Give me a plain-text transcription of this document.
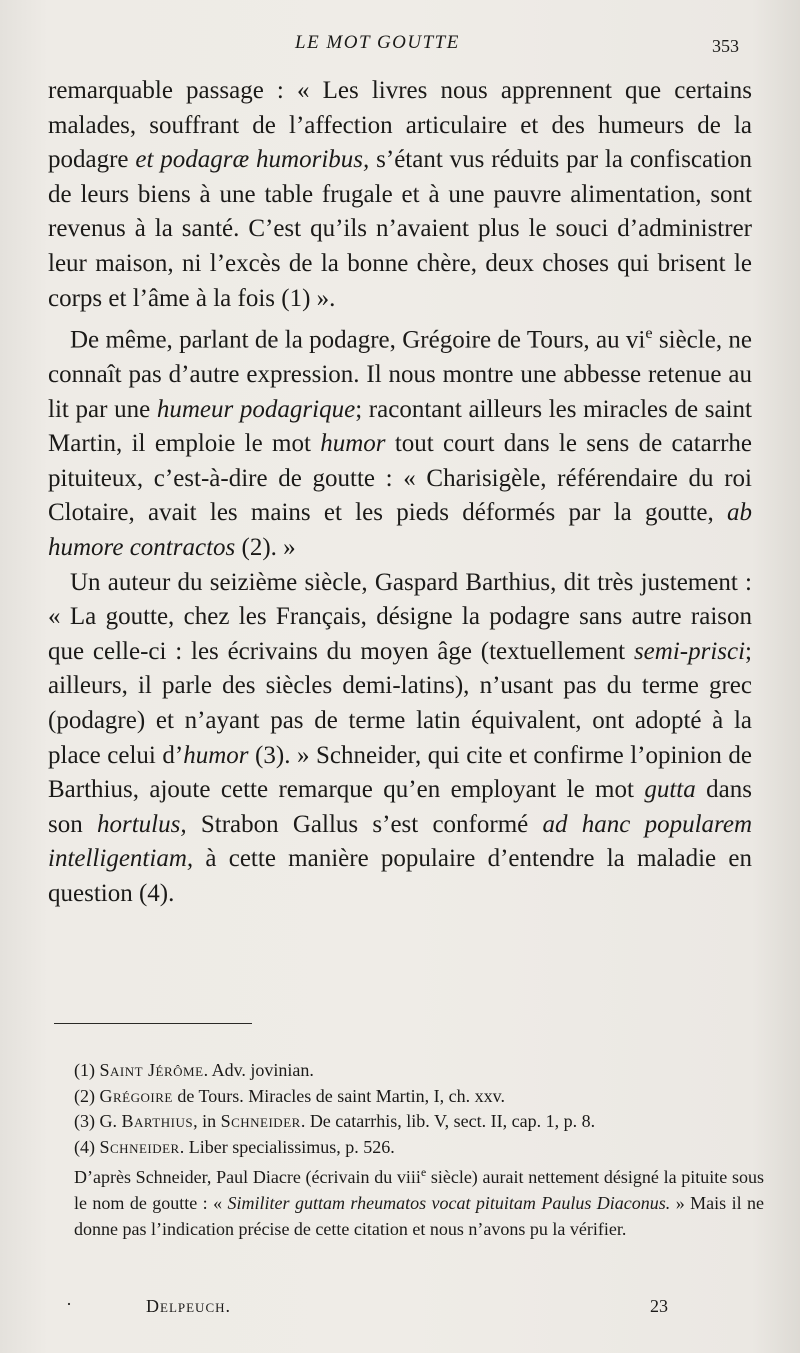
LE MOT GOUTTE	353

remarquable passage : « Les livres nous apprennent que certains malades, souffrant de l’affection articulaire et des humeurs de la podagre et podagræ humoribus, s’étant vus réduits par la confiscation de leurs biens à une table frugale et à une pauvre alimentation, sont revenus à la santé. C’est qu’ils n’avaient plus le souci d’administrer leur maison, ni l’excès de la bonne chère, deux choses qui brisent le corps et l’âme à la fois (1) ».

De même, parlant de la podagre, Grégoire de Tours, au $vi^e$ siècle, ne connaît pas d’autre expression. Il nous montre une abbesse retenue au lit par une humeur podagrique; racontant ailleurs les miracles de saint Martin, il emploie le mot humor tout court dans le sens de catarrhe pituiteux, c’est-à-dire de goutte : « Charisigèle, référendaire du roi Clotaire, avait les mains et les pieds déformés par la goutte, ab humore contractos (2). »

Un auteur du seizième siècle, Gaspard Barthius, dit très justement : « La goutte, chez les Français, désigne la podagre sans autre raison que celle-ci : les écrivains du moyen âge (textuellement semi-prisci; ailleurs, il parle des siècles demi-latins), n’usant pas du terme grec (podagre) et n’ayant pas de terme latin équivalent, ont adopté à la place celui d’humor (3). » Schneider, qui cite et confirme l’opinion de Barthius, ajoute cette remarque qu’en employant le mot gutta dans son hortulus, Strabon Gallus s’est conformé ad hanc popularem intelligentiam, à cette manière populaire d’entendre la maladie en question (4).

(1) Saint Jérôme. Adv. jovinian.

(2) Grégoire de Tours. Miracles de saint Martin, I, ch. xxv.

(3) G. Barthius, in Schneider. De catarrhis, lib. V, sect. II, cap. 1, p. 8.

(4) Schneider. Liber specialissimus, p. 526.

D’après Schneider, Paul Diacre (écrivain du viii$^e$ siècle) aurait nettement désigné la pituite sous le nom de goutte : « Similiter guttam rheumatos vocat pituitam Paulus Diaconus. » Mais il ne donne pas l’indication précise de cette citation et nous n’avons pu la vérifier.

·	Delpeuch.	23
